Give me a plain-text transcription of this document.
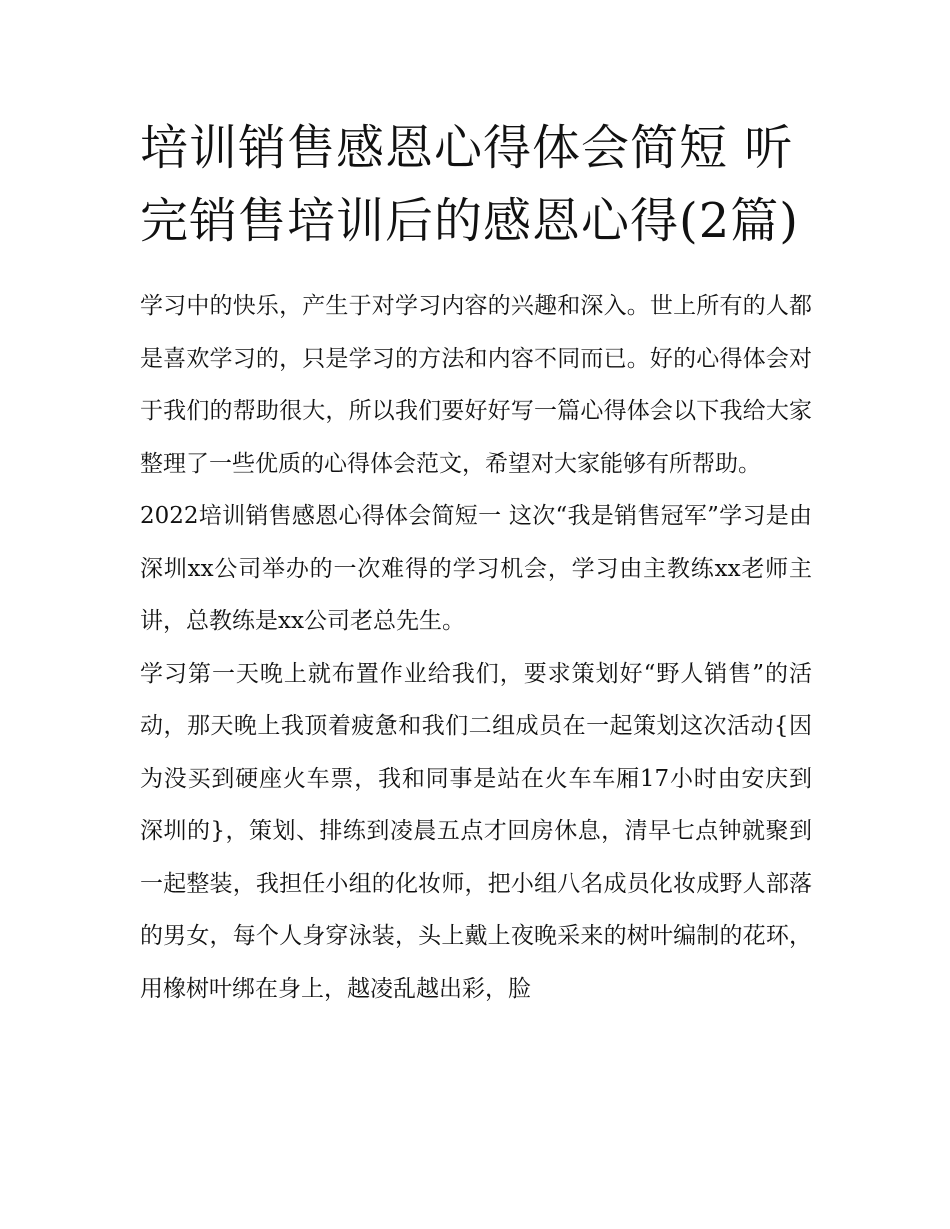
培训销售感恩心得体会简短 听完销售培训后的感恩心得(2篇)

学习中的快乐，产生于对学习内容的兴趣和深入。世上所有的人都是喜欢学习的，只是学习的方法和内容不同而已。好的心得体会对于我们的帮助很大，所以我们要好好写一篇心得体会以下我给大家整理了一些优质的心得体会范文，希望对大家能够有所帮助。

2022培训销售感恩心得体会简短一 这次“我是销售冠军”学习是由深圳xx公司举办的一次难得的学习机会，学习由主教练xx老师主讲，总教练是xx公司老总先生。

学习第一天晚上就布置作业给我们，要求策划好“野人销售”的活动，那天晚上我顶着疲惫和我们二组成员在一起策划这次活动{因为没买到硬座火车票，我和同事是站在火车车厢17小时由安庆到深圳的}，策划、排练到凌晨五点才回房休息，清早七点钟就聚到一起整装，我担任小组的化妆师，把小组八名成员化妆成野人部落的男女，每个人身穿泳装，头上戴上夜晚采来的树叶编制的花环，用橡树叶绑在身上，越凌乱越出彩，脸
